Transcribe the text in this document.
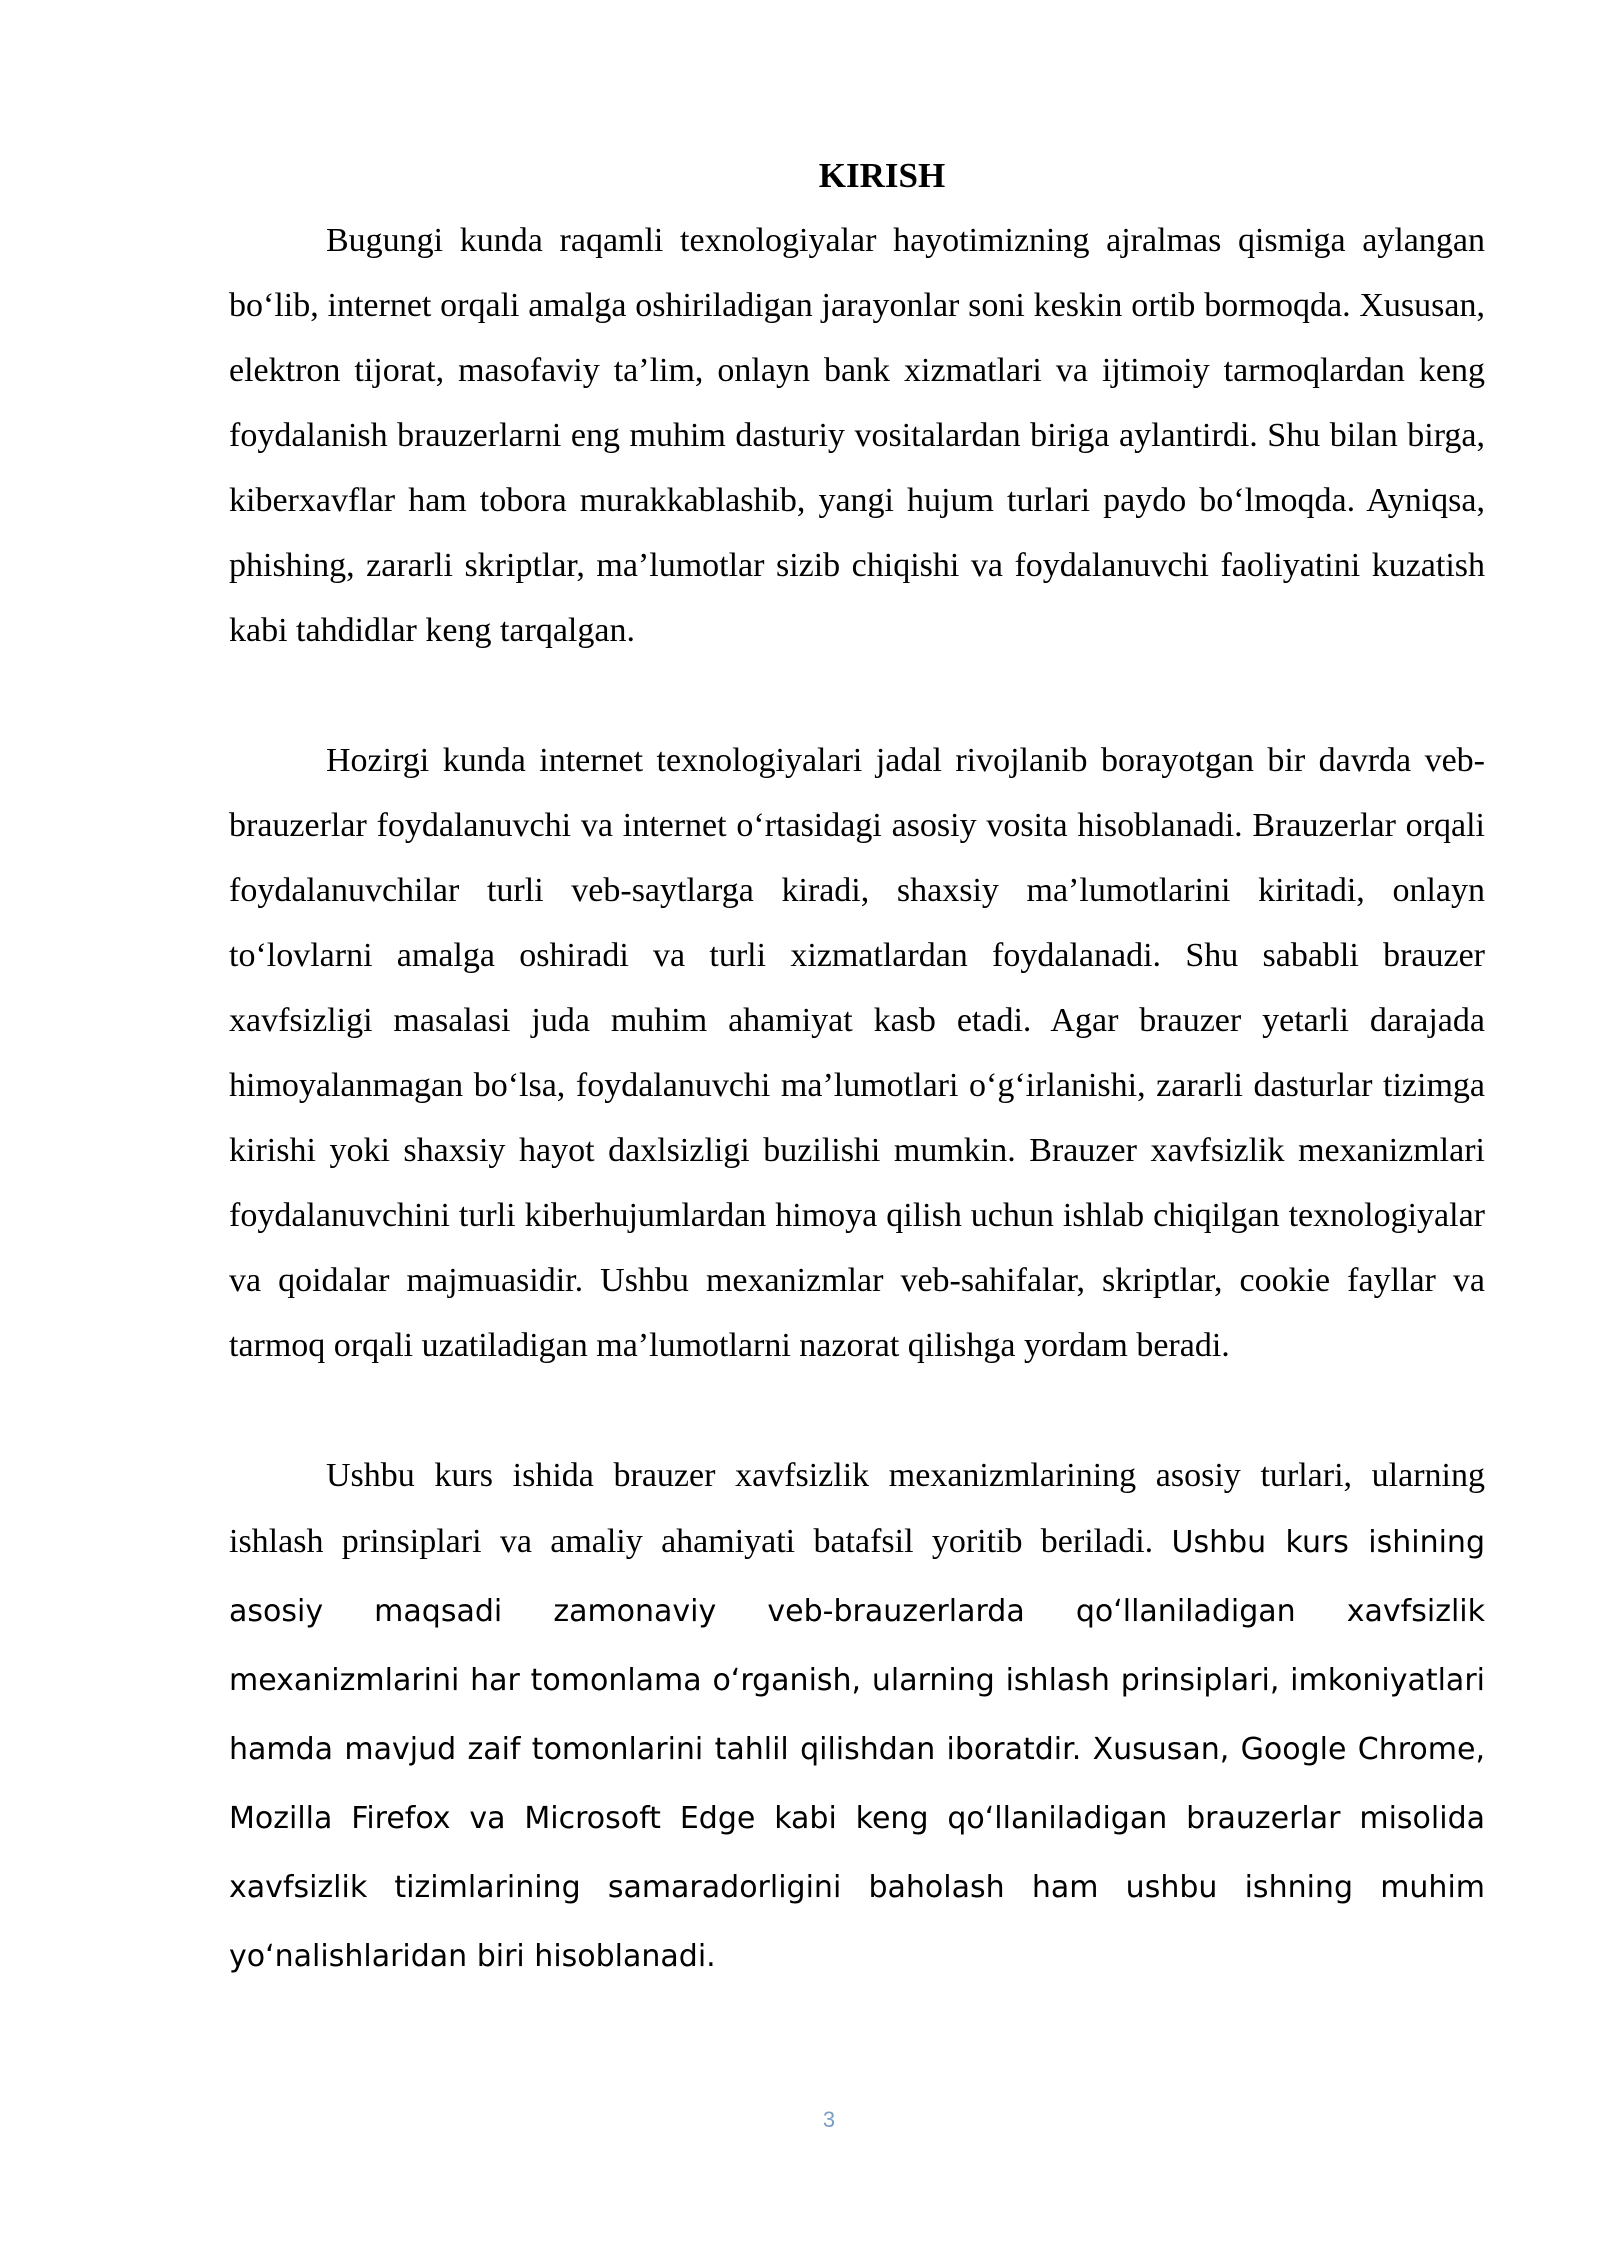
KIRISH

Bugungi kunda raqamli texnologiyalar hayotimizning ajralmas qismiga aylangan bo‘lib, internet orqali amalga oshiriladigan jarayonlar soni keskin ortib bormoqda. Xususan, elektron tijorat, masofaviy ta’lim, onlayn bank xizmatlari va ijtimoiy tarmoqlardan keng foydalanish brauzerlarni eng muhim dasturiy vositalardan biriga aylantirdi. Shu bilan birga, kiberxavflar ham tobora murakkablashib, yangi hujum turlari paydo bo‘lmoqda. Ayniqsa, phishing, zararli skriptlar, ma’lumotlar sizib chiqishi va foydalanuvchi faoliyatini kuzatish kabi tahdidlar keng tarqalgan.

Hozirgi kunda internet texnologiyalari jadal rivojlanib borayotgan bir davrda veb-brauzerlar foydalanuvchi va internet o‘rtasidagi asosiy vosita hisoblanadi. Brauzerlar orqali foydalanuvchilar turli veb-saytlarga kiradi, shaxsiy ma’lumotlarini kiritadi, onlayn to‘lovlarni amalga oshiradi va turli xizmatlardan foydalanadi. Shu sababli brauzer xavfsizligi masalasi juda muhim ahamiyat kasb etadi. Agar brauzer yetarli darajada himoyalanmagan bo‘lsa, foydalanuvchi ma’lumotlari o‘g‘irlanishi, zararli dasturlar tizimga kirishi yoki shaxsiy hayot daxlsizligi buzilishi mumkin. Brauzer xavfsizlik mexanizmlari foydalanuvchini turli kiberhujumlardan himoya qilish uchun ishlab chiqilgan texnologiyalar va qoidalar majmuasidir. Ushbu mexanizmlar veb-sahifalar, skriptlar, cookie fayllar va tarmoq orqali uzatiladigan ma’lumotlarni nazorat qilishga yordam beradi.

Ushbu kurs ishida brauzer xavfsizlik mexanizmlarining asosiy turlari, ularning ishlash prinsiplari va amaliy ahamiyati batafsil yoritib beriladi. Ushbu kurs ishining asosiy maqsadi zamonaviy veb-brauzerlarda qo‘llaniladigan xavfsizlik mexanizmlarini har tomonlama o‘rganish, ularning ishlash prinsiplari, imkoniyatlari hamda mavjud zaif tomonlarini tahlil qilishdan iboratdir. Xususan, Google Chrome, Mozilla Firefox va Microsoft Edge kabi keng qo‘llaniladigan brauzerlar misolida xavfsizlik tizimlarining samaradorligini baholash ham ushbu ishning muhim yo‘nalishlaridan biri hisoblanadi.

3
